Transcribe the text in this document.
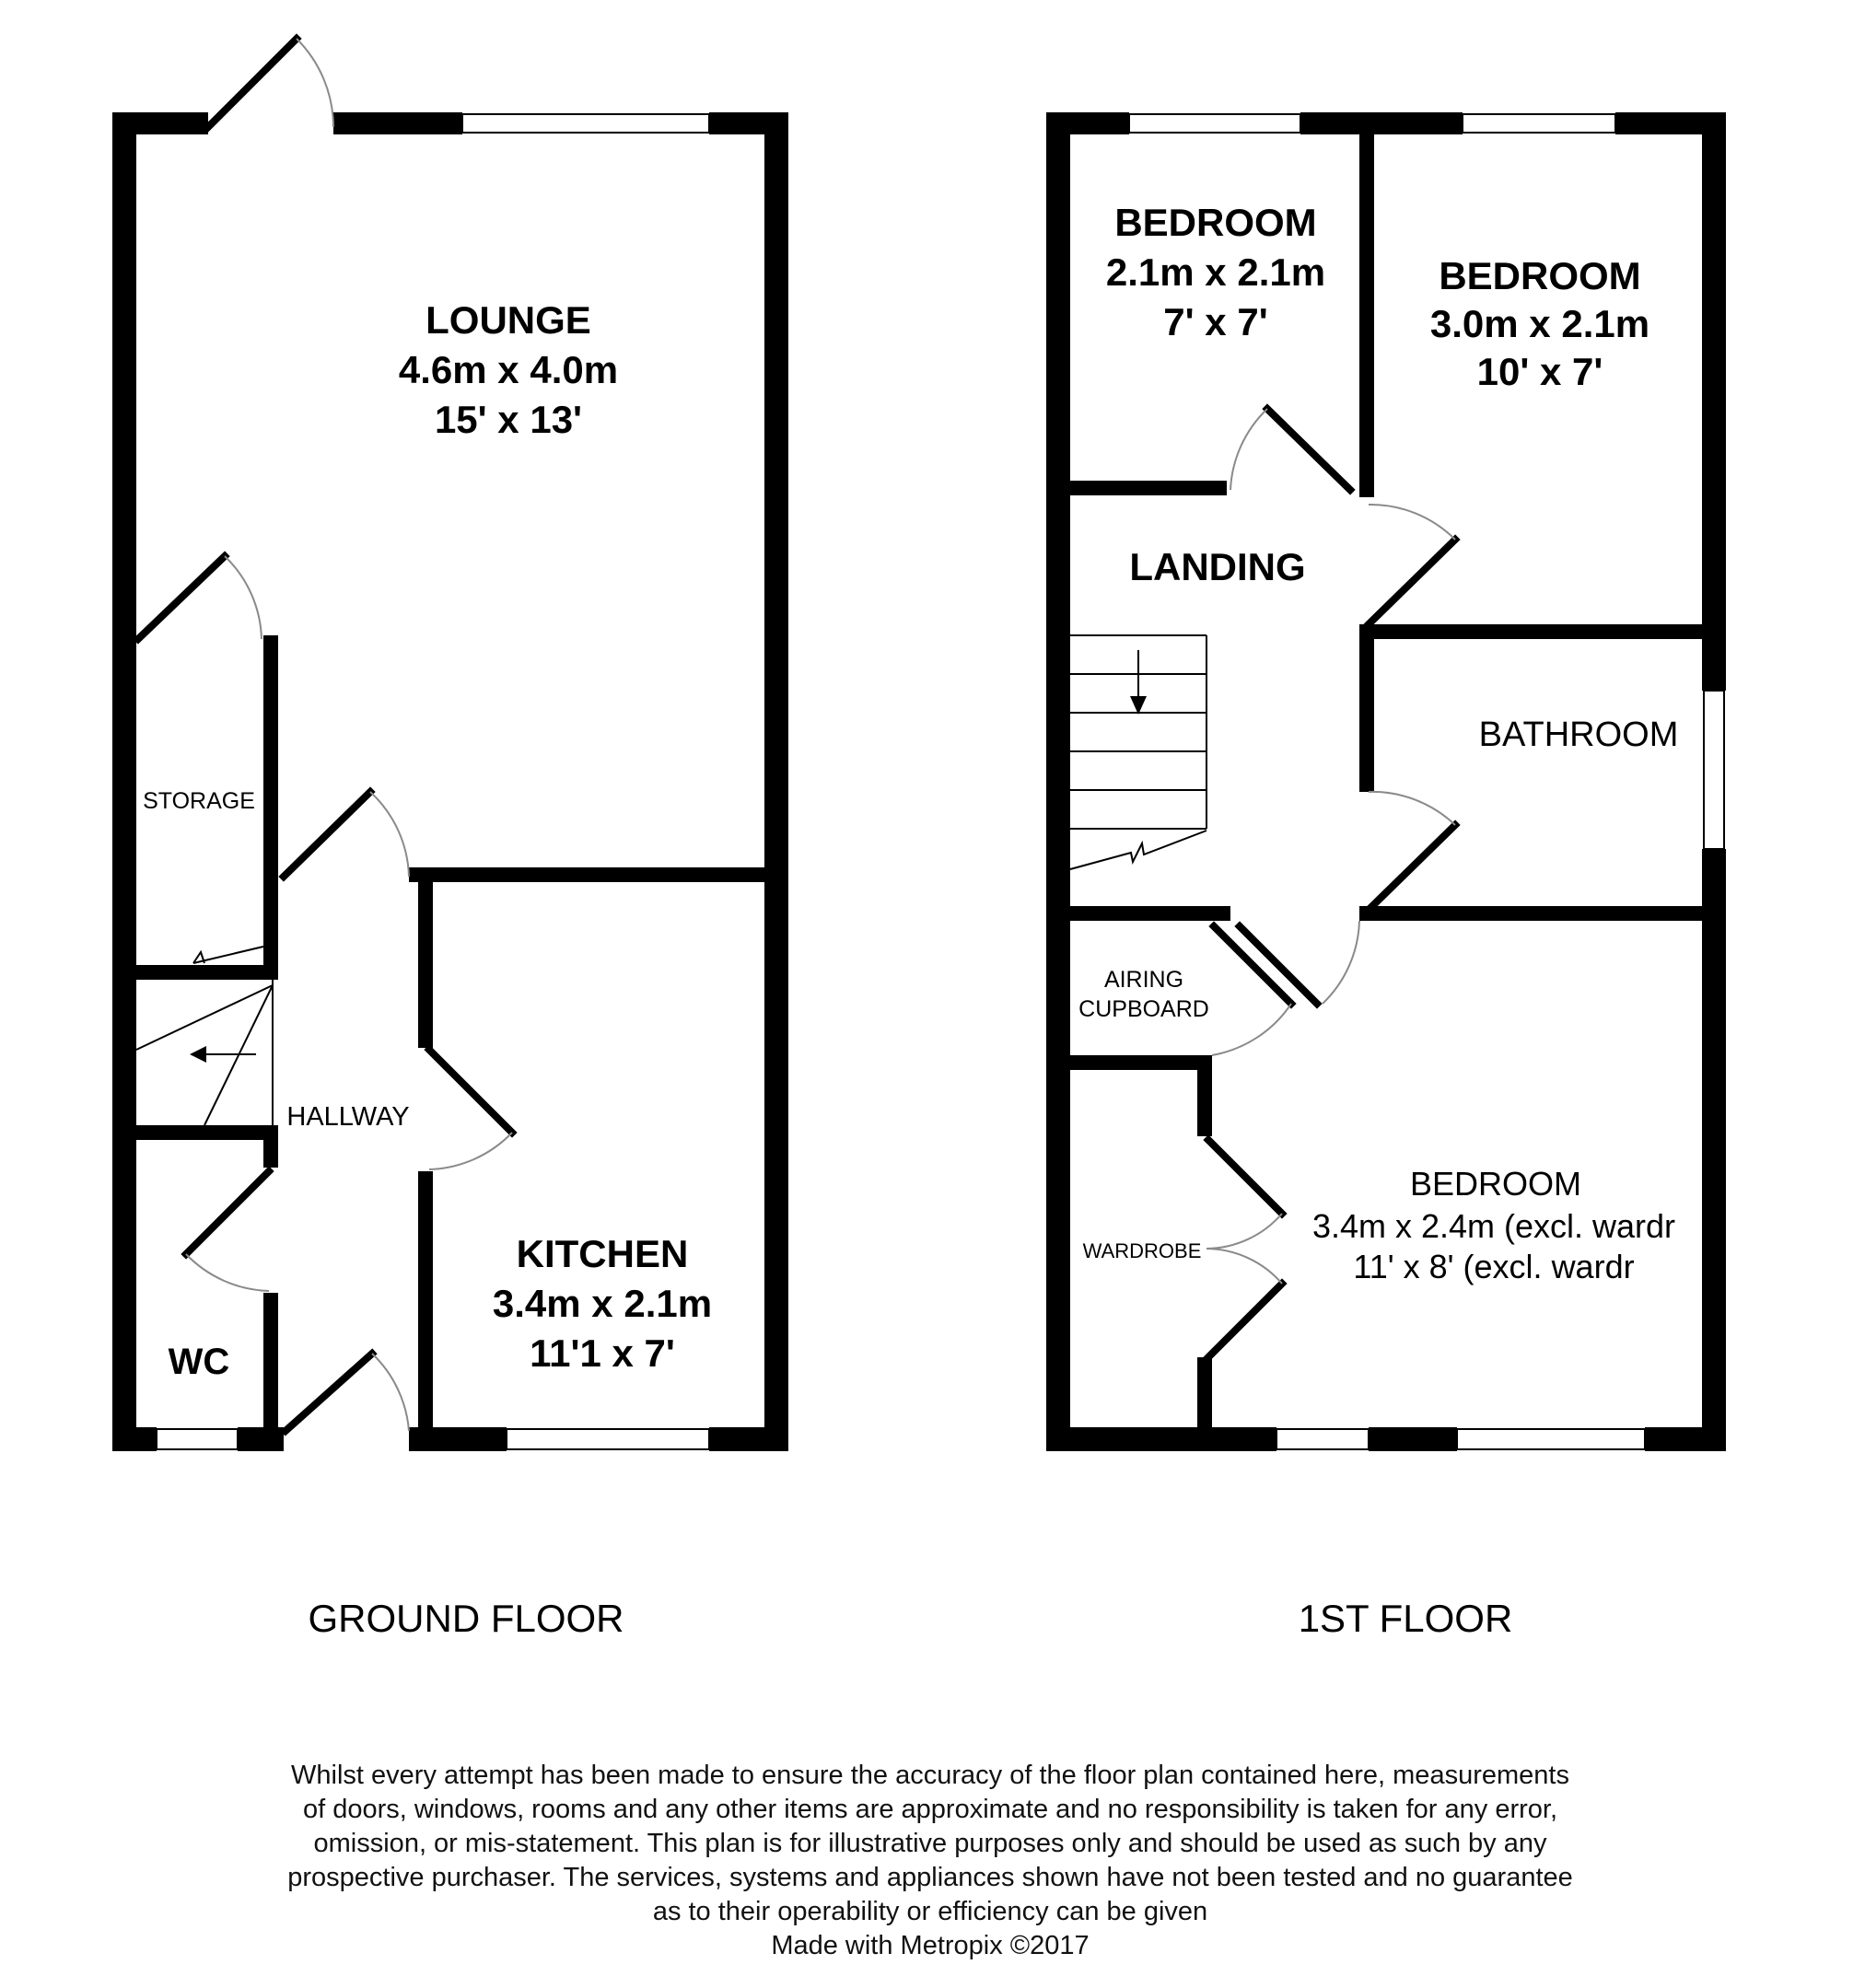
LOUNGE
4.6m x 4.0m
15' x 13'
KITCHEN
3.4m x 2.1m
11'1 x 7'
STORAGE
HALLWAY
WC
GROUND FLOOR
BEDROOM
2.1m x 2.1m
7' x 7'
BEDROOM
3.0m x 2.1m
10' x 7'
LANDING
BATHROOM
AIRING
CUPBOARD
WARDROBE
BEDROOM
3.4m x 2.4m (excl. wardr
11' x 8' (excl. wardr
1ST FLOOR
Whilst every attempt has been made to ensure the accuracy of the floor plan contained here, measurements
of doors, windows, rooms and any other items are approximate and no responsibility is taken for any error,
omission, or mis-statement. This plan is for illustrative purposes only and should be used as such by any
prospective purchaser. The services, systems and appliances shown have not been tested and no guarantee
as to their operability or efficiency can be given
Made with Metropix ©2017
